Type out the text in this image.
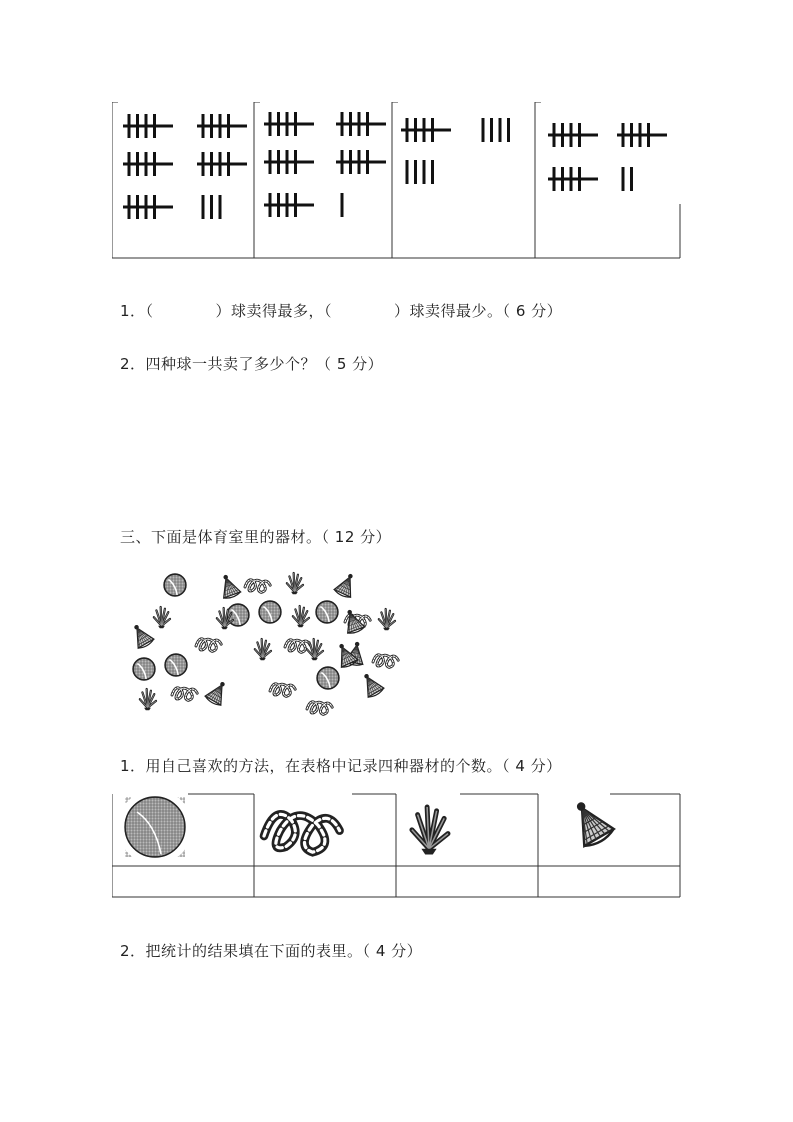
1．（　　　　）球卖得最多，（　　　　）球卖得最少。（ 6 分）
2．四种球一共卖了多少个？（ 5 分）
三、下面是体育室里的器材。（ 12 分）
1．用自己喜欢的方法，在表格中记录四种器材的个数。（ 4 分）
2．把统计的结果填在下面的表里。（ 4 分）
